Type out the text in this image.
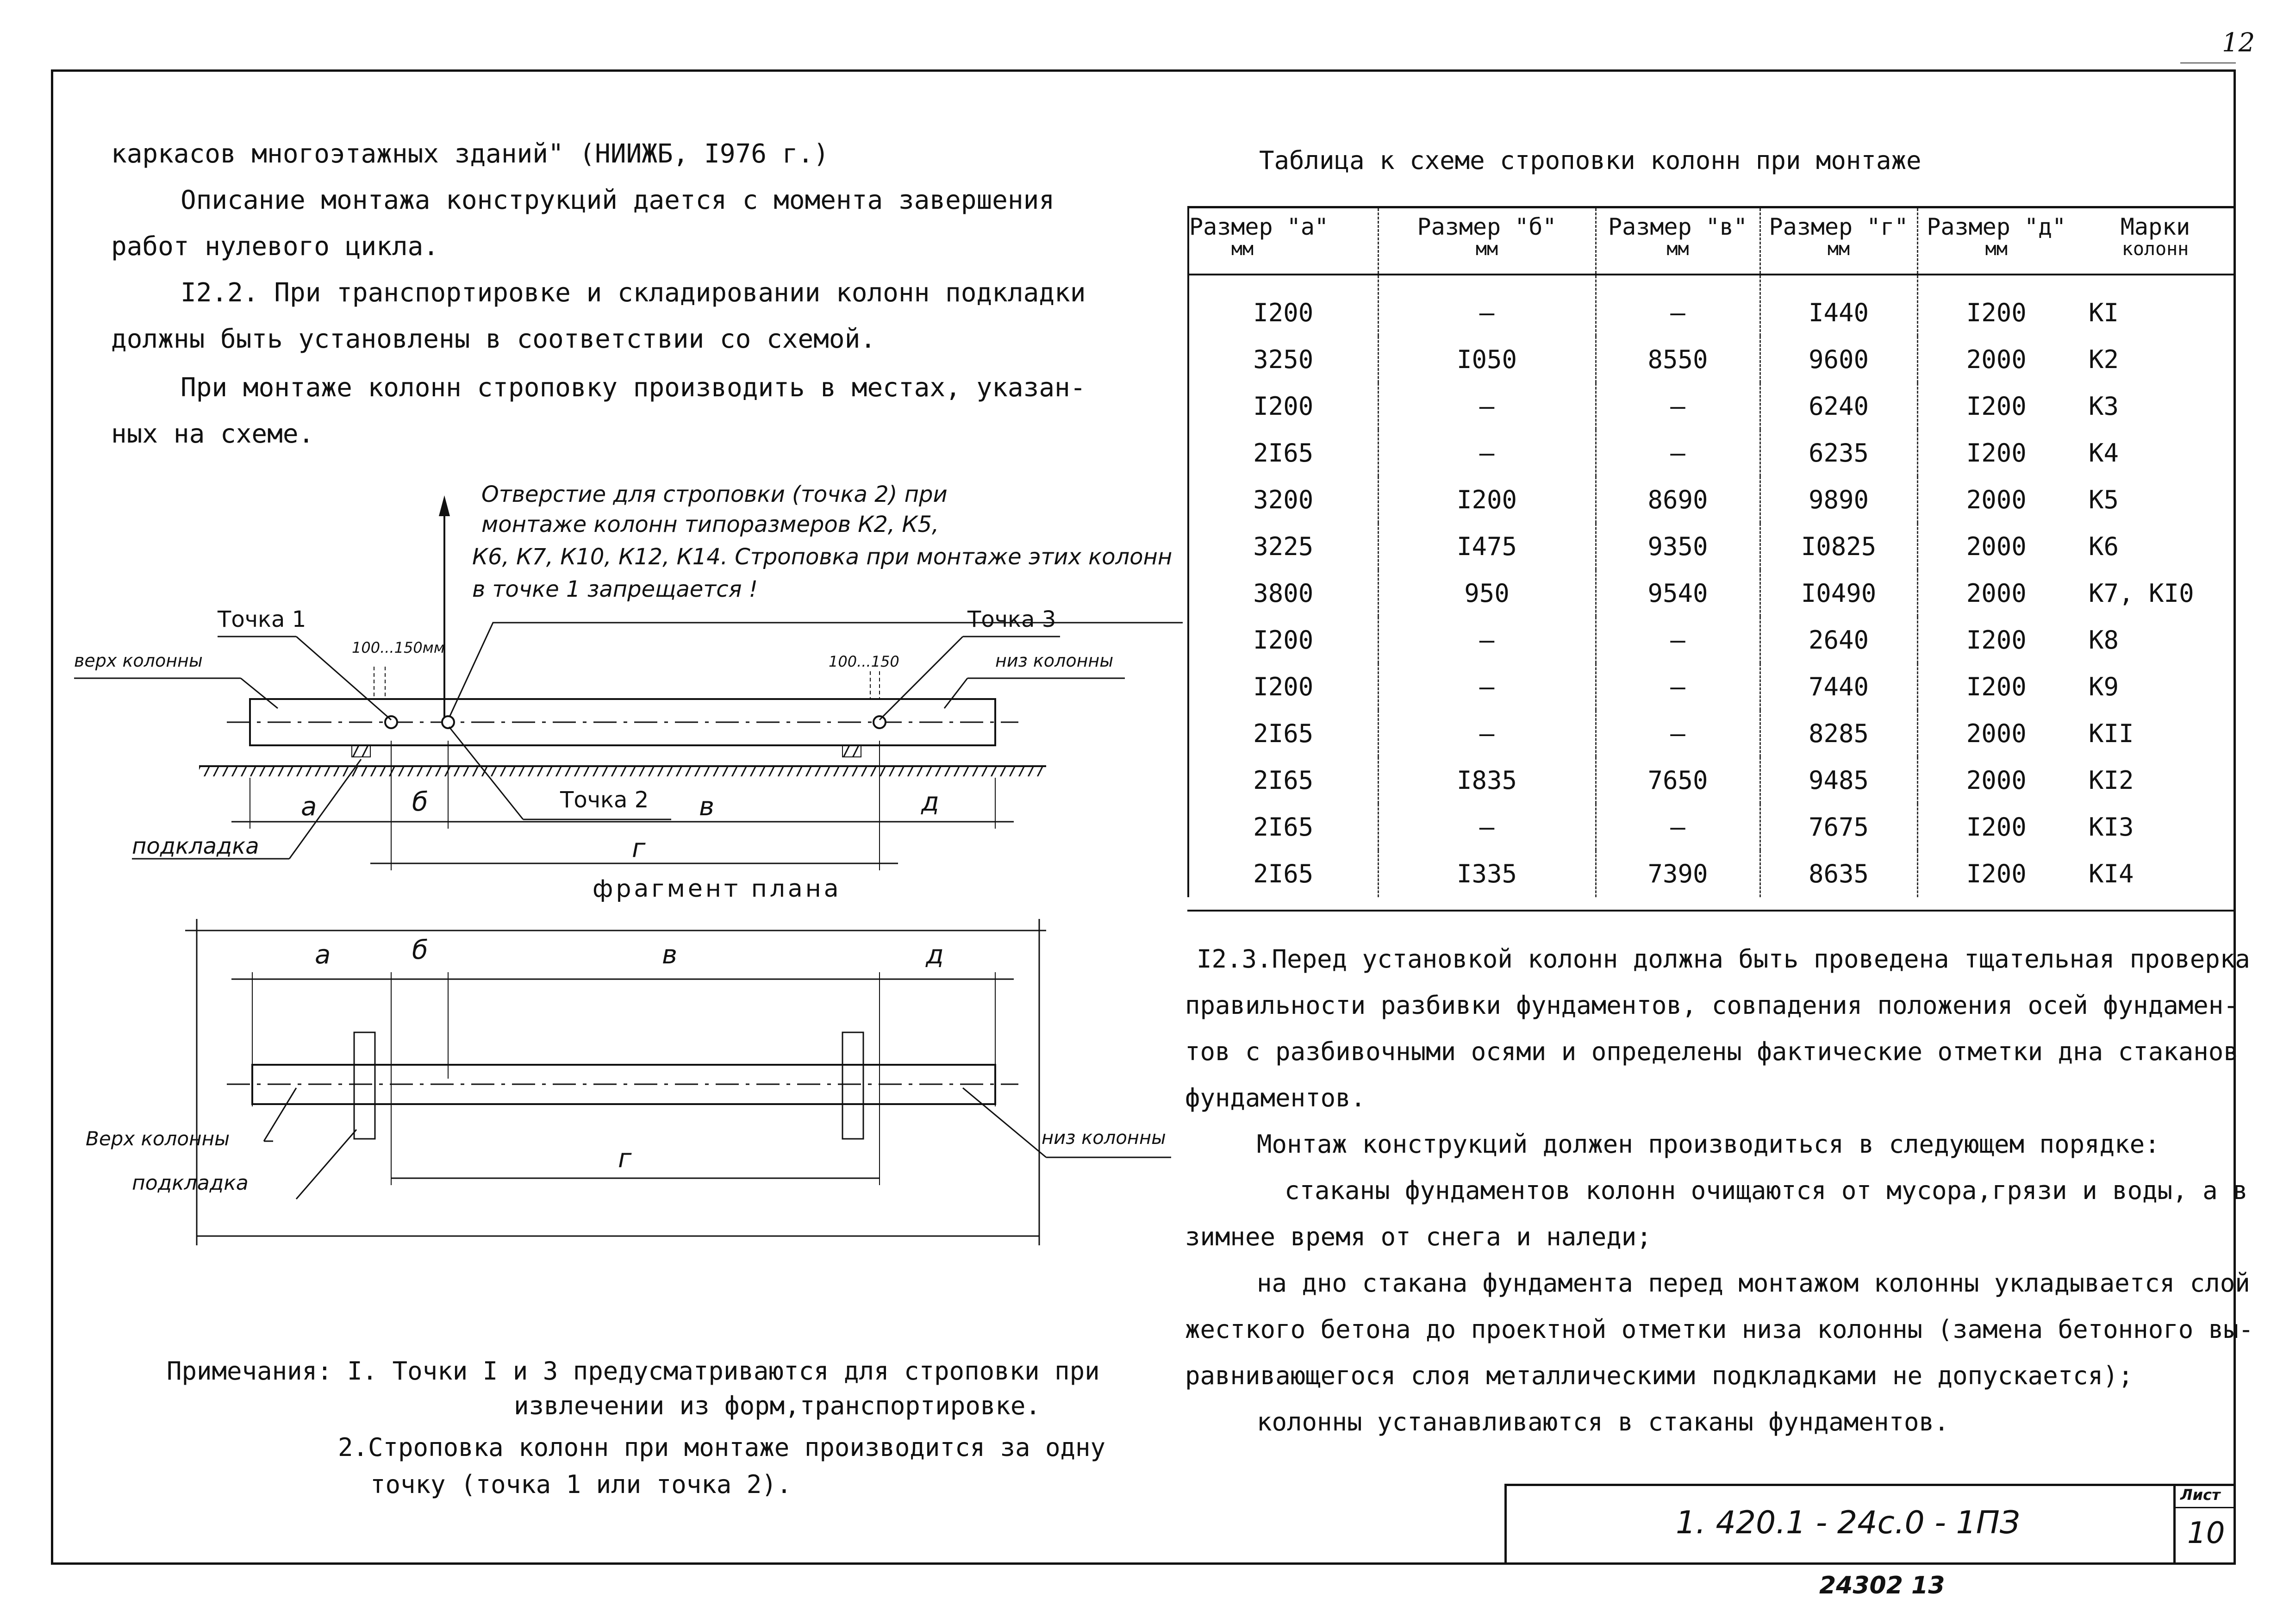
12
каркасов многоэтажных зданий" (НИИЖБ, I976 г.)
Описание монтажа конструкций дается с момента завершения
работ нулевого цикла.
I2.2. При транспортировке и складировании колонн подкладки
должны быть установлены в соответствии со схемой.
При монтаже колонн строповку производить в местах, указан-
ных на схеме.
Отверстие для строповки (точка 2) при
монтаже колонн типоразмеров К2, К5,
К6, К7, К10, К12, К14. Строповка при монтаже этих колонн
в точке 1 запрещается !
Точка 1	Точка 3
Точка 2
верх колонны	низ колонны
100...150мм
100...150
подкладка
а	б	в	д
г
фрагмент плана
а	б	в	д
г
Верх колонны	низ колонны
подкладка
Примечания: I. Точки I и 3 предусматриваются для строповки при
извлечении из форм,транспортировке.
2.Строповка колонн при монтаже производится за одну
точку (точка 1 или точка 2).
Таблица к схеме строповки колонн при монтаже
Размер "а"
мм	Размер "б"
мм	Размер "в"
мм	Размер "г"
мм	Размер "д"
мм	Марки
колонн

I200	–	–	I440	I200	КI
3250	I050	8550	9600	2000	К2
I200	–	–	6240	I200	К3
2I65	–	–	6235	I200	К4
3200	I200	8690	9890	2000	К5
3225	I475	9350	I0825	2000	К6
3800	950	9540	I0490	2000	К7, КI0
I200	–	–	2640	I200	К8
I200	–	–	7440	I200	К9
2I65	–	–	8285	2000	КII
2I65	I835	7650	9485	2000	КI2
2I65	–	–	7675	I200	КI3
2I65	I335	7390	8635	I200	КI4
I2.3.Перед установкой колонн должна быть проведена тщательная проверка
правильности разбивки фундаментов, совпадения положения осей фундамен-
тов с разбивочными осями и определены фактические отметки дна стаканов
фундаментов.
Монтаж конструкций должен производиться в следующем порядке:
стаканы фундаментов колонн очищаются от мусора,грязи и воды, а в
зимнее время от снега и наледи;
на дно стакана фундамента перед монтажом колонны укладывается слой
жесткого бетона до проектной отметки низа колонны (замена бетонного вы-
равнивающегося слоя металлическими подкладками не допускается);
колонны устанавливаются в стаканы фундаментов.
1. 420.1 - 24с.0 - 1ПЗ
Лист
10
24302 13
